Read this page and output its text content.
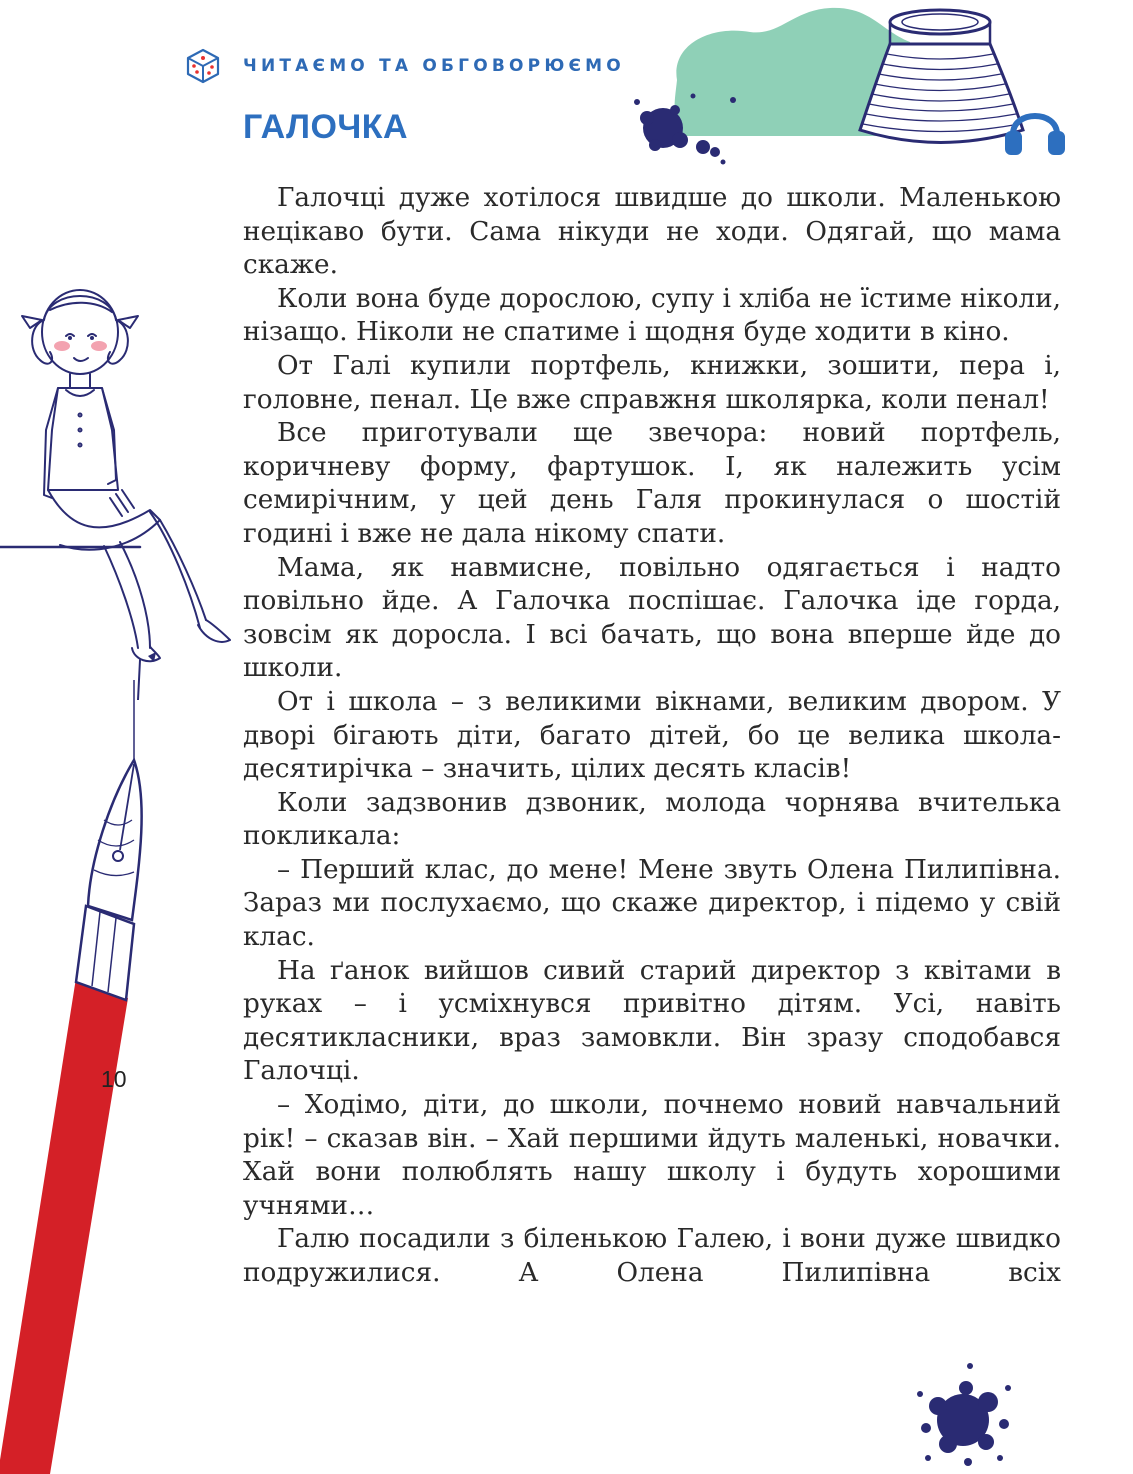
ЧИТАЄМО ТА ОБГОВОРЮЄМО
ГАЛОЧКА

Галочці дуже хотілося швидше до школи. Маленькою нецікаво бути. Сама нікуди не ходи. Одягай, що мама скаже.

Коли вона буде дорослою, супу і хліба не їстиме ніколи, нізащо. Ніколи не спатиме і щодня буде ходити в кіно.

От Галі купили портфель, книжки, зошити, пера і, головне, пенал. Це вже справжня школярка, коли пенал!

Все приготували ще звечора: новий портфель, коричневу форму, фартушок. І, як належить усім семирічним, у цей день Галя прокинулася о шостій годині і вже не дала нікому спати.

Мама, як навмисне, повільно одягається і надто повільно йде. А Галочка поспішає. Галочка іде горда, зовсім як доросла. І всі бачать, що вона вперше йде до школи.

От і школа – з великими вікнами, великим двором. У дворі бігають діти, багато дітей, бо це велика школа-десятирічка – значить, цілих десять класів!

Коли задзвонив дзвоник, молода чорнява вчителька покликала:

– Перший клас, до мене! Мене звуть Олена Пилипівна. Зараз ми послухаємо, що скаже директор, і підемо у свій клас.

На ґанок вийшов сивий старий директор з квітами в руках – і усміхнувся привітно дітям. Усі, навіть десятикласники, враз замовкли. Він зразу сподобався Галочці.

– Ходімо, діти, до школи, почнемо новий навчальний рік! – сказав він. – Хай першими йдуть маленькі, новачки. Хай вони полюблять нашу школу і будуть хорошими учнями…

Галю посадили з біленькою Галею, і вони дуже швидко подружилися. А Олена Пилипівна всіх

10
